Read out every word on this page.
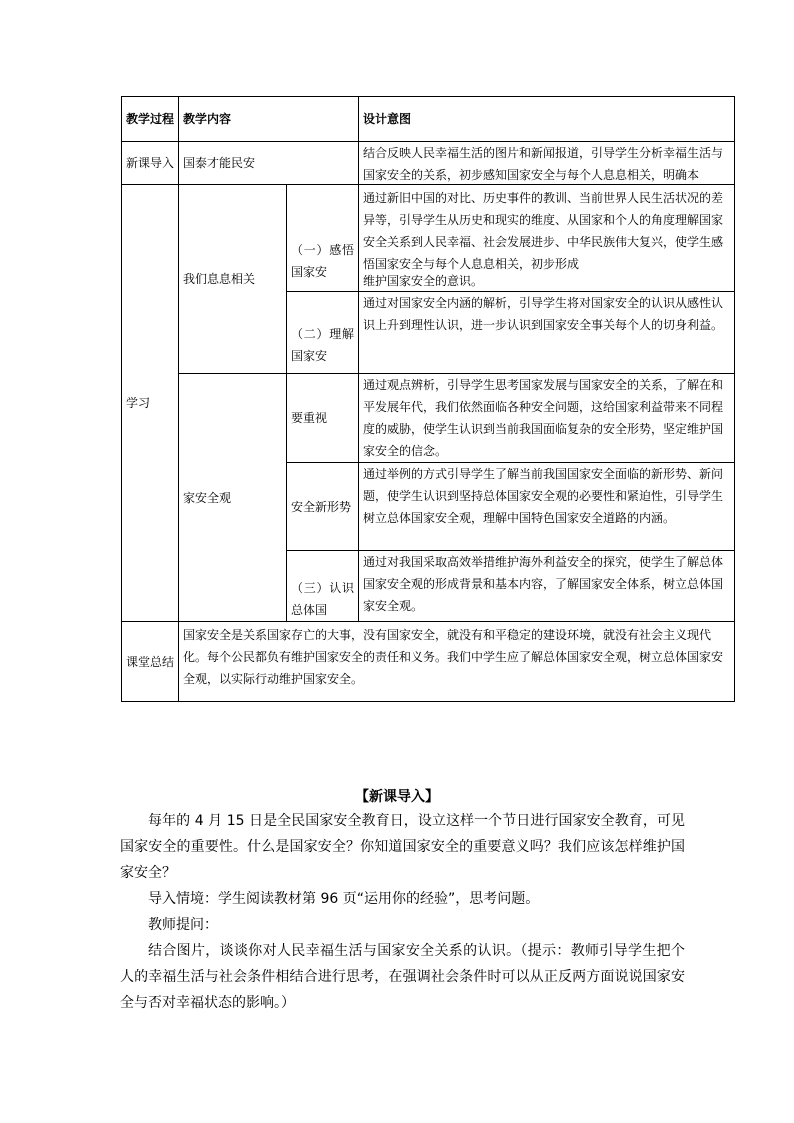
教学过程	教学内容		设计意图
新课导入	国泰才能民安		结合反映人民幸福生活的图片和新闻报道，引导学生分析幸福生活与国家安全的关系，初步感知国家安全与每个人息息相关，明确本

学习	我们息息相关	（一）感悟国家安	通过新旧中国的对比、历史事件的教训、当前世界人民生活状况的差异等，引导学生从历史和现实的维度、从国家和个人的角度理解国家安全关系到人民幸福、社会发展进步、中华民族伟大复兴，使学生感悟国家安全与每个人息息相关，初步形成
维护国家安全的意识。

		（二）理解国家安	通过对国家安全内涵的解析，引导学生将对国家安全的认识从感性认识上升到理性认识，进一步认识到国家安全事关每个人的切身利益。
	家安全观	要重视	通过观点辨析，引导学生思考国家发展与国家安全的关系，了解在和平发展年代，我们依然面临各种安全问题，这给国家利益带来不同程度的威胁，使学生认识到当前我国面临复杂的安全形势，坚定维护国家安全的信念。
		安全新形势	通过举例的方式引导学生了解当前我国国家安全面临的新形势、新问题，使学生认识到坚持总体国家安全观的必要性和紧迫性，引导学生树立总体国家安全观，理解中国特色国家安全道路的内涵。

		（三）认识总体国	通过对我国采取高效举措维护海外利益安全的探究，使学生了解总体国家安全观的形成背景和基本内容，了解国家安全体系，树立总体国家安全观。

课堂总结	国家安全是关系国家存亡的大事，没有国家安全，就没有和平稳定的建设环境，就没有社会主义现代化。每个公民都负有维护国家安全的责任和义务。我们中学生应了解总体国家安全观，树立总体国家安全观，以实际行动维护国家安全。		
【新课导入】
每年的 4 月 15 日是全民国家安全教育日，设立这样一个节日进行国家安全教育，可见国家安全的重要性。什么是国家安全？你知道国家安全的重要意义吗？我们应该怎样维护国家安全？
导入情境：学生阅读教材第 96 页“运用你的经验”，思考问题。
教师提问：
结合图片，谈谈你对人民幸福生活与国家安全关系的认识。（提示：教师引导学生把个人的幸福生活与社会条件相结合进行思考，在强调社会条件时可以从正反两方面说说国家安全与否对幸福状态的影响。）
